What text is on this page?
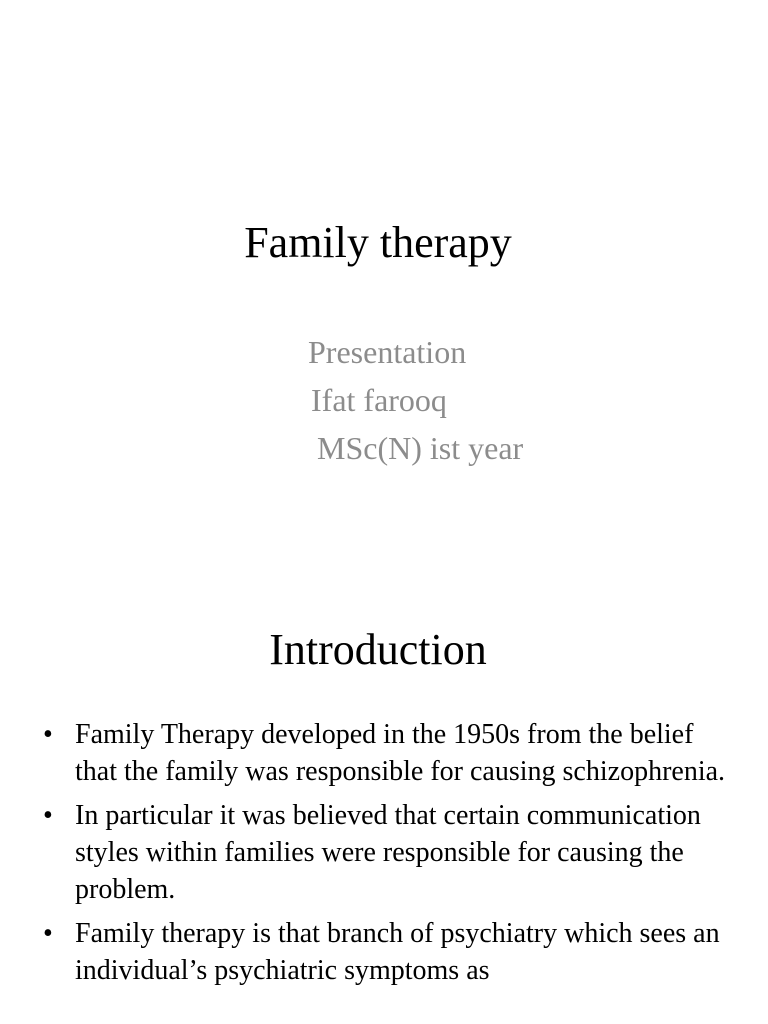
Family therapy
Presentation
Ifat farooq
MSc(N) ist year
Introduction
• Family Therapy developed in the 1950s from the belief that the family was responsible for causing schizophrenia.
• In particular it was believed that certain communication styles within families were responsible for causing the problem.
• Family therapy is that branch of psychiatry which sees an individual’s psychiatric symptoms as
